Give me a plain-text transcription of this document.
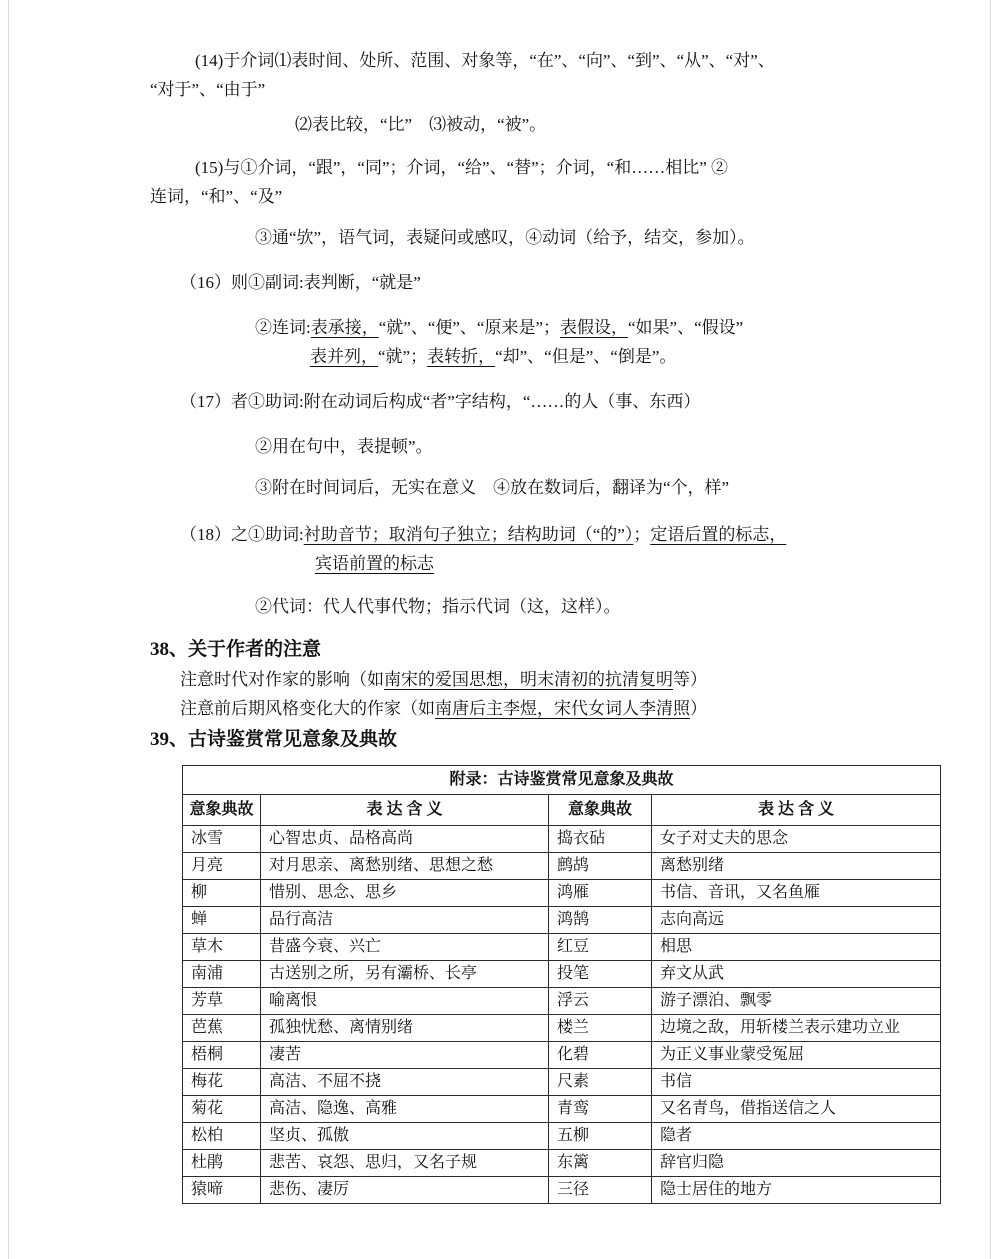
(14)于介词⑴表时间、处所、范围、对象等，“在”、“向”、“到”、“从”、“对”、

“对于”、“由于”

⑵表比较，“比”　⑶被动，“被”。

(15)与①介词，“跟”，“同”；介词，“给”、“替”；介词，“和……相比” ②

连词，“和”、“及”

③通“欤”，语气词，表疑问或感叹，④动词（给予，结交，参加）。

（16）则①副词:表判断，“就是”

②连词:表承接，“就”、“便”、“原来是”；表假设，“如果”、“假设”

表并列，“就”；表转折，“却”、“但是”、“倒是”。

（17）者①助词:附在动词后构成“者”字结构，“……的人（事、东西）

②用在句中，表提顿”。

③附在时间词后，无实在意义　④放在数词后，翻译为“个，样”

（18）之①助词:衬助音节；取消句子独立；结构助词（“的”）；定语后置的标志，

宾语前置的标志

②代词：代人代事代物；指示代词（这，这样）。

38、关于作者的注意

注意时代对作家的影响（如南宋的爱国思想，明末清初的抗清复明等）

注意前后期风格变化大的作家（如南唐后主李煜，宋代女词人李清照）

39、古诗鉴赏常见意象及典故

附录：古诗鉴赏常见意象及典故			
意象典故	表 达 含 义	意象典故	表 达 含 义
冰雪	心智忠贞、品格高尚	捣衣砧	女子对丈夫的思念
月亮	对月思亲、离愁别绪、思想之愁	鹧鸪	离愁别绪
柳	惜别、思念、思乡	鸿雁	书信、音讯，又名鱼雁
蝉	品行高洁	鸿鹄	志向高远
草木	昔盛今衰、兴亡	红豆	相思
南浦	古送别之所，另有灞桥、长亭	投笔	弃文从武
芳草	喻离恨	浮云	游子漂泊、飘零
芭蕉	孤独忧愁、离情别绪	楼兰	边境之敌，用斩楼兰表示建功立业
梧桐	凄苦	化碧	为正义事业蒙受冤屈
梅花	高洁、不屈不挠	尺素	书信
菊花	高洁、隐逸、高雅	青鸾	又名青鸟，借指送信之人
松柏	坚贞、孤傲	五柳	隐者
杜鹃	悲苦、哀怨、思归，又名子规	东篱	辞官归隐
猿啼	悲伤、凄厉	三径	隐士居住的地方
